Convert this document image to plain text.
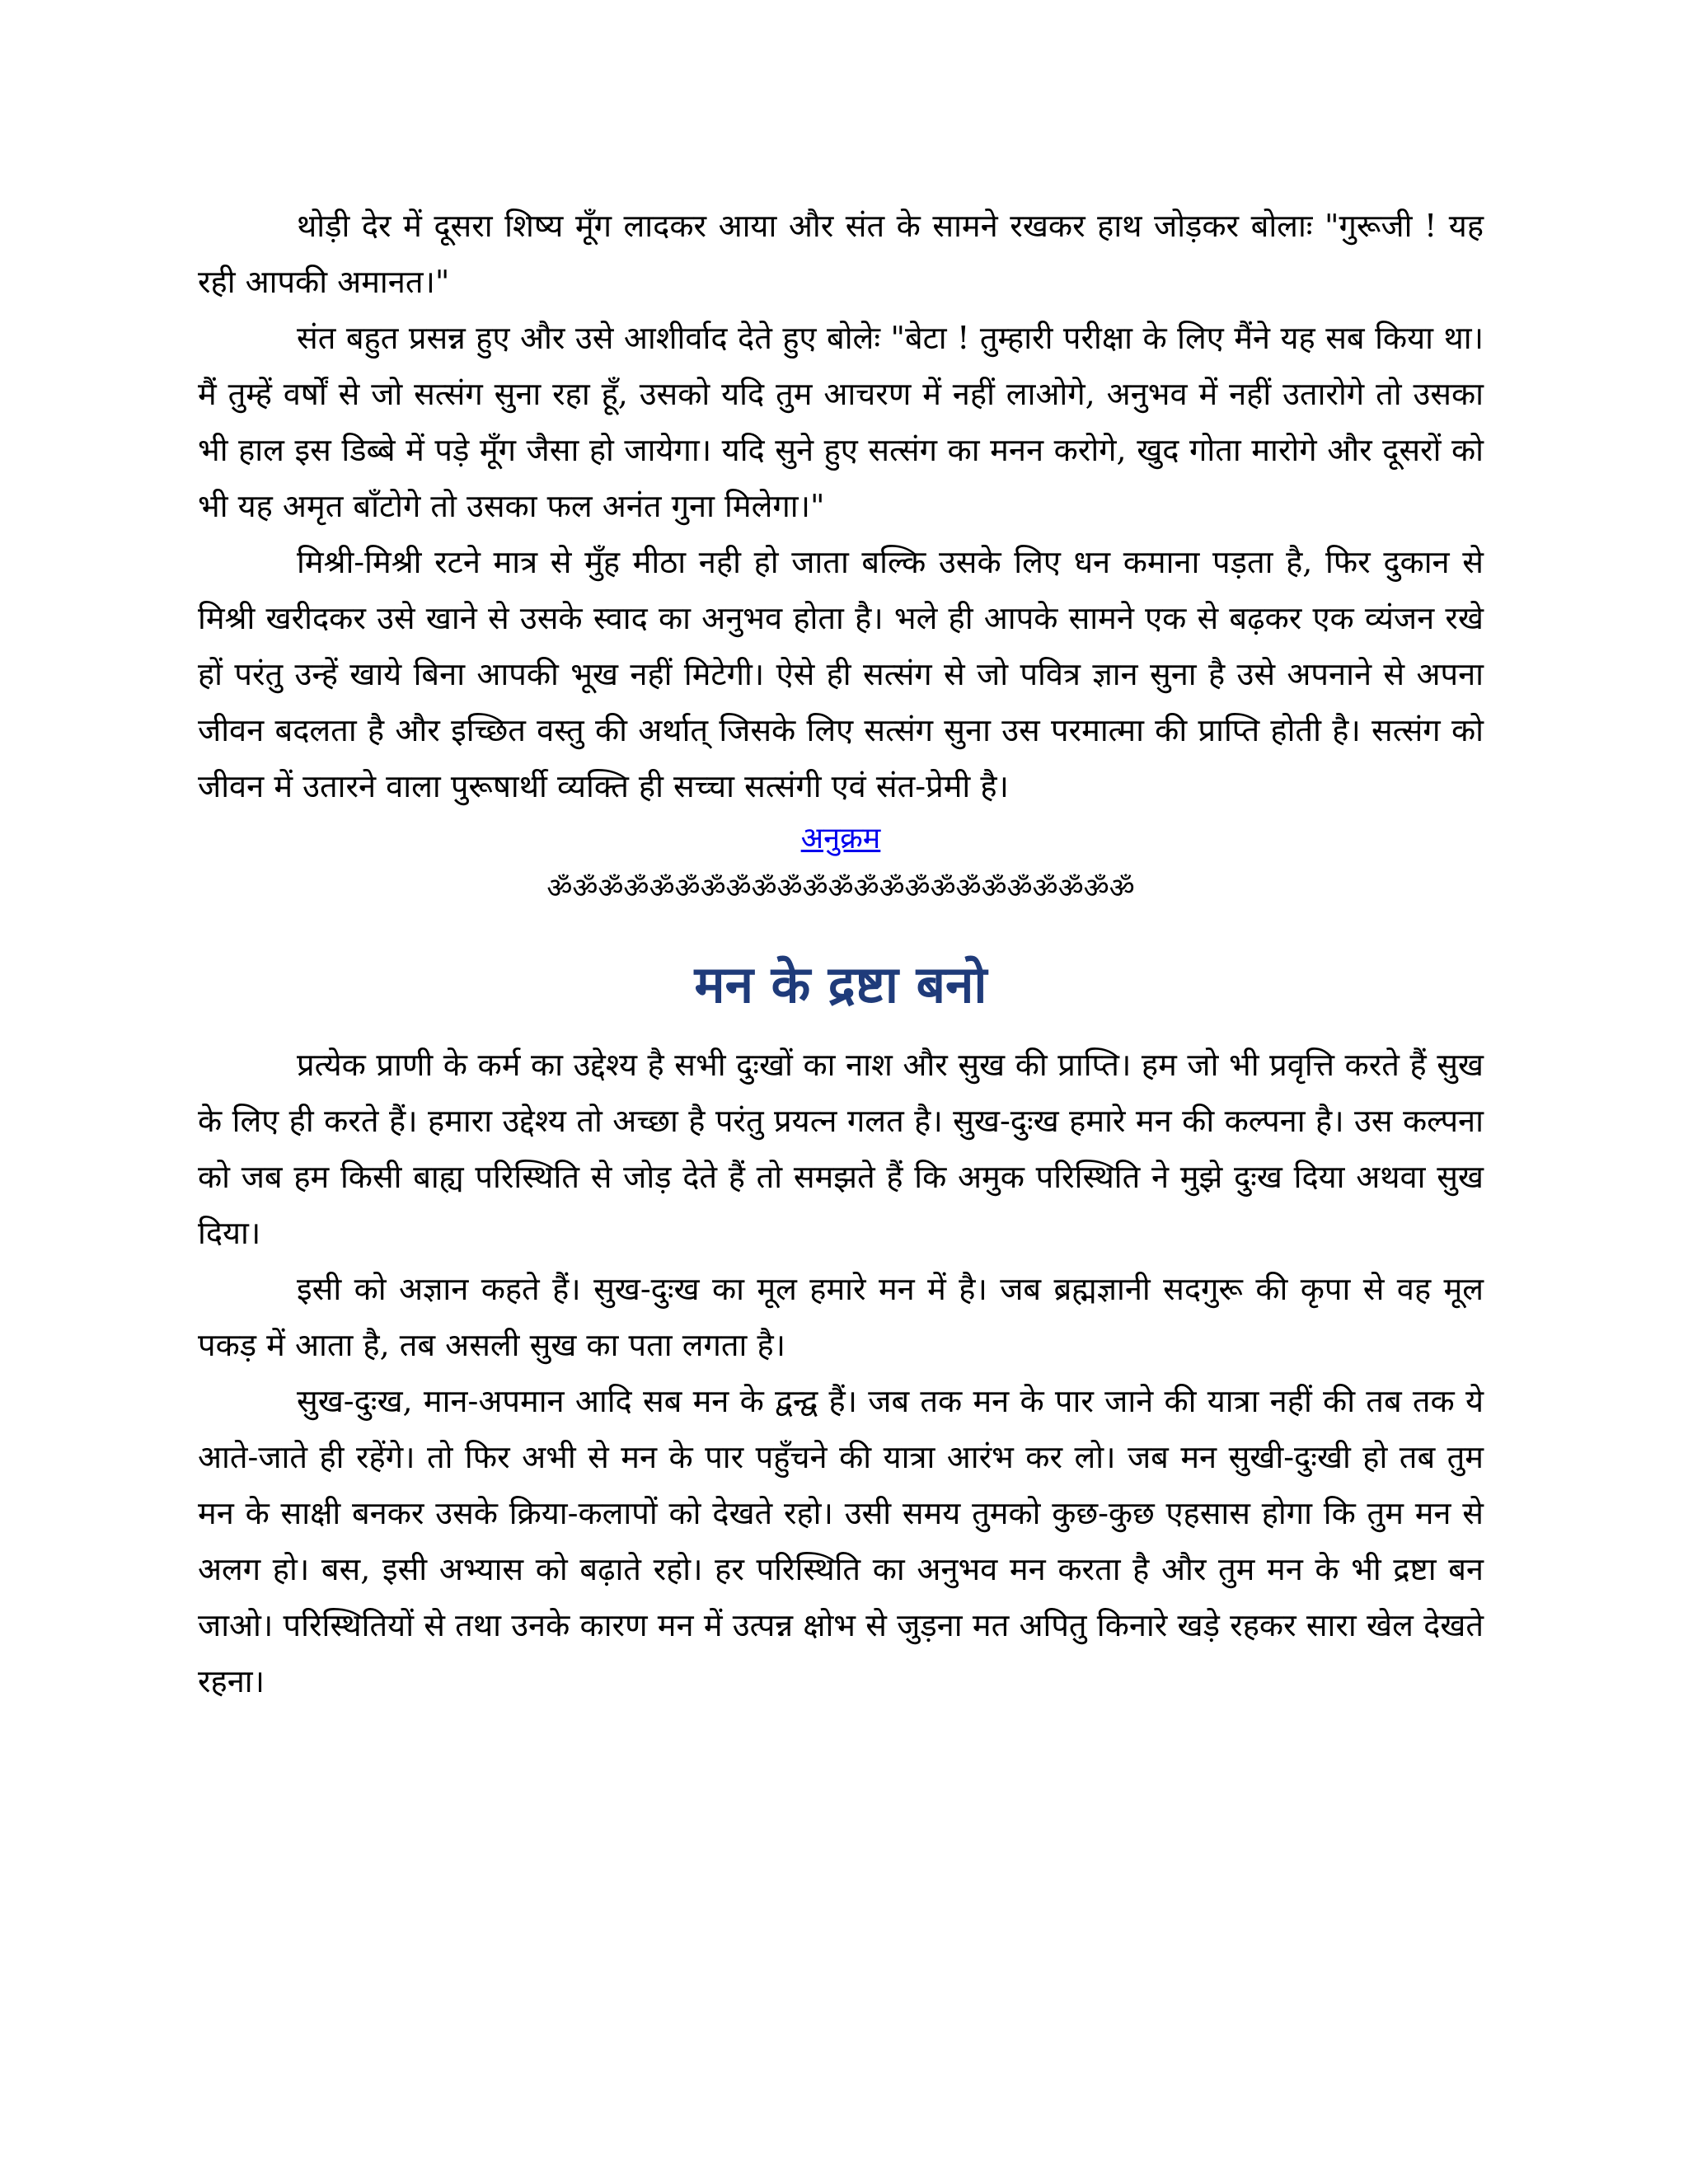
थोड़ी देर में दूसरा शिष्य मूँग लादकर आया और संत के सामने रखकर हाथ जोड़कर बोलाः "गुरूजी ! यह रही आपकी अमानत।"

संत बहुत प्रसन्न हुए और उसे आशीर्वाद देते हुए बोलेः "बेटा ! तुम्हारी परीक्षा के लिए मैंने यह सब किया था। मैं तुम्हें वर्षों से जो सत्संग सुना रहा हूँ, उसको यदि तुम आचरण में नहीं लाओगे, अनुभव में नहीं उतारोगे तो उसका भी हाल इस डिब्बे में पड़े मूँग जैसा हो जायेगा। यदि सुने हुए सत्संग का मनन करोगे, खुद गोता मारोगे और दूसरों को भी यह अमृत बाँटोगे तो उसका फल अनंत गुना मिलेगा।"

मिश्री-मिश्री रटने मात्र से मुँह मीठा नही हो जाता बल्कि उसके लिए धन कमाना पड़ता है, फिर दुकान से मिश्री खरीदकर उसे खाने से उसके स्वाद का अनुभव होता है। भले ही आपके सामने एक से बढ़कर एक व्यंजन रखे हों परंतु उन्हें खाये बिना आपकी भूख नहीं मिटेगी। ऐसे ही सत्संग से जो पवित्र ज्ञान सुना है उसे अपनाने से अपना जीवन बदलता है और इच्छित वस्तु की अर्थात् जिसके लिए सत्संग सुना उस परमात्मा की प्राप्ति होती है। सत्संग को जीवन में उतारने वाला पुरूषार्थी व्यक्ति ही सच्चा सत्संगी एवं संत-प्रेमी है।

अनुक्रम

ॐॐॐॐॐॐॐॐॐॐॐॐॐॐॐॐॐॐॐॐॐॐॐ

मन के द्रष्टा बनो

प्रत्येक प्राणी के कर्म का उद्देश्य है सभी दुःखों का नाश और सुख की प्राप्ति। हम जो भी प्रवृत्ति करते हैं सुख के लिए ही करते हैं। हमारा उद्देश्य तो अच्छा है परंतु प्रयत्न गलत है। सुख-दुःख हमारे मन की कल्पना है। उस कल्पना को जब हम किसी बाह्य परिस्थिति से जोड़ देते हैं तो समझते हैं कि अमुक परिस्थिति ने मुझे दुःख दिया अथवा सुख दिया।

इसी को अज्ञान कहते हैं। सुख-दुःख का मूल हमारे मन में है। जब ब्रह्मज्ञानी सदगुरू की कृपा से वह मूल पकड़ में आता है, तब असली सुख का पता लगता है।

सुख-दुःख, मान-अपमान आदि सब मन के द्वन्द्व हैं। जब तक मन के पार जाने की यात्रा नहीं की तब तक ये आते-जाते ही रहेंगे। तो फिर अभी से मन के पार पहुँचने की यात्रा आरंभ कर लो। जब मन सुखी-दुःखी हो तब तुम मन के साक्षी बनकर उसके क्रिया-कलापों को देखते रहो। उसी समय तुमको कुछ-कुछ एहसास होगा कि तुम मन से अलग हो। बस, इसी अभ्यास को बढ़ाते रहो। हर परिस्थिति का अनुभव मन करता है और तुम मन के भी द्रष्टा बन जाओ। परिस्थितियों से तथा उनके कारण मन में उत्पन्न क्षोभ से जुड़ना मत अपितु किनारे खड़े रहकर सारा खेल देखते रहना।
